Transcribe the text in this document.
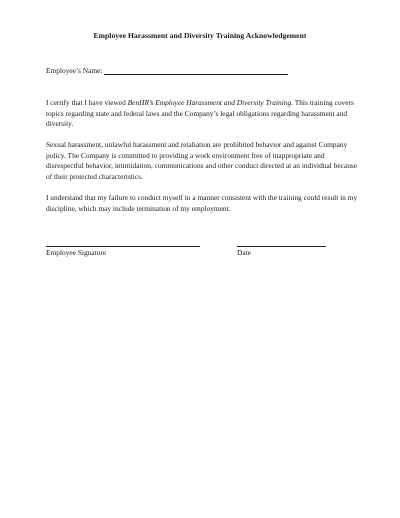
Employee Harassment and Diversity Training Acknowledgement
Employee’s Name:

I certify that I have viewed BenHR’s Employee Harassment and Diversity Training. This training covers topics regarding state and federal laws and the Company’s legal obligations regarding harassment and diversity.

Sexual harassment, unlawful harassment and retaliation are prohibited behavior and against Company policy. The Company is committed to providing a work environment free of inappropriate and disrespectful behavior, intimidation, communications and other conduct directed at an individual because of their protected characteristics.

I understand that my failure to conduct myself in a manner consistent with the training could result in my discipline, which may include termination of my employment.

Employee Signature	Date
